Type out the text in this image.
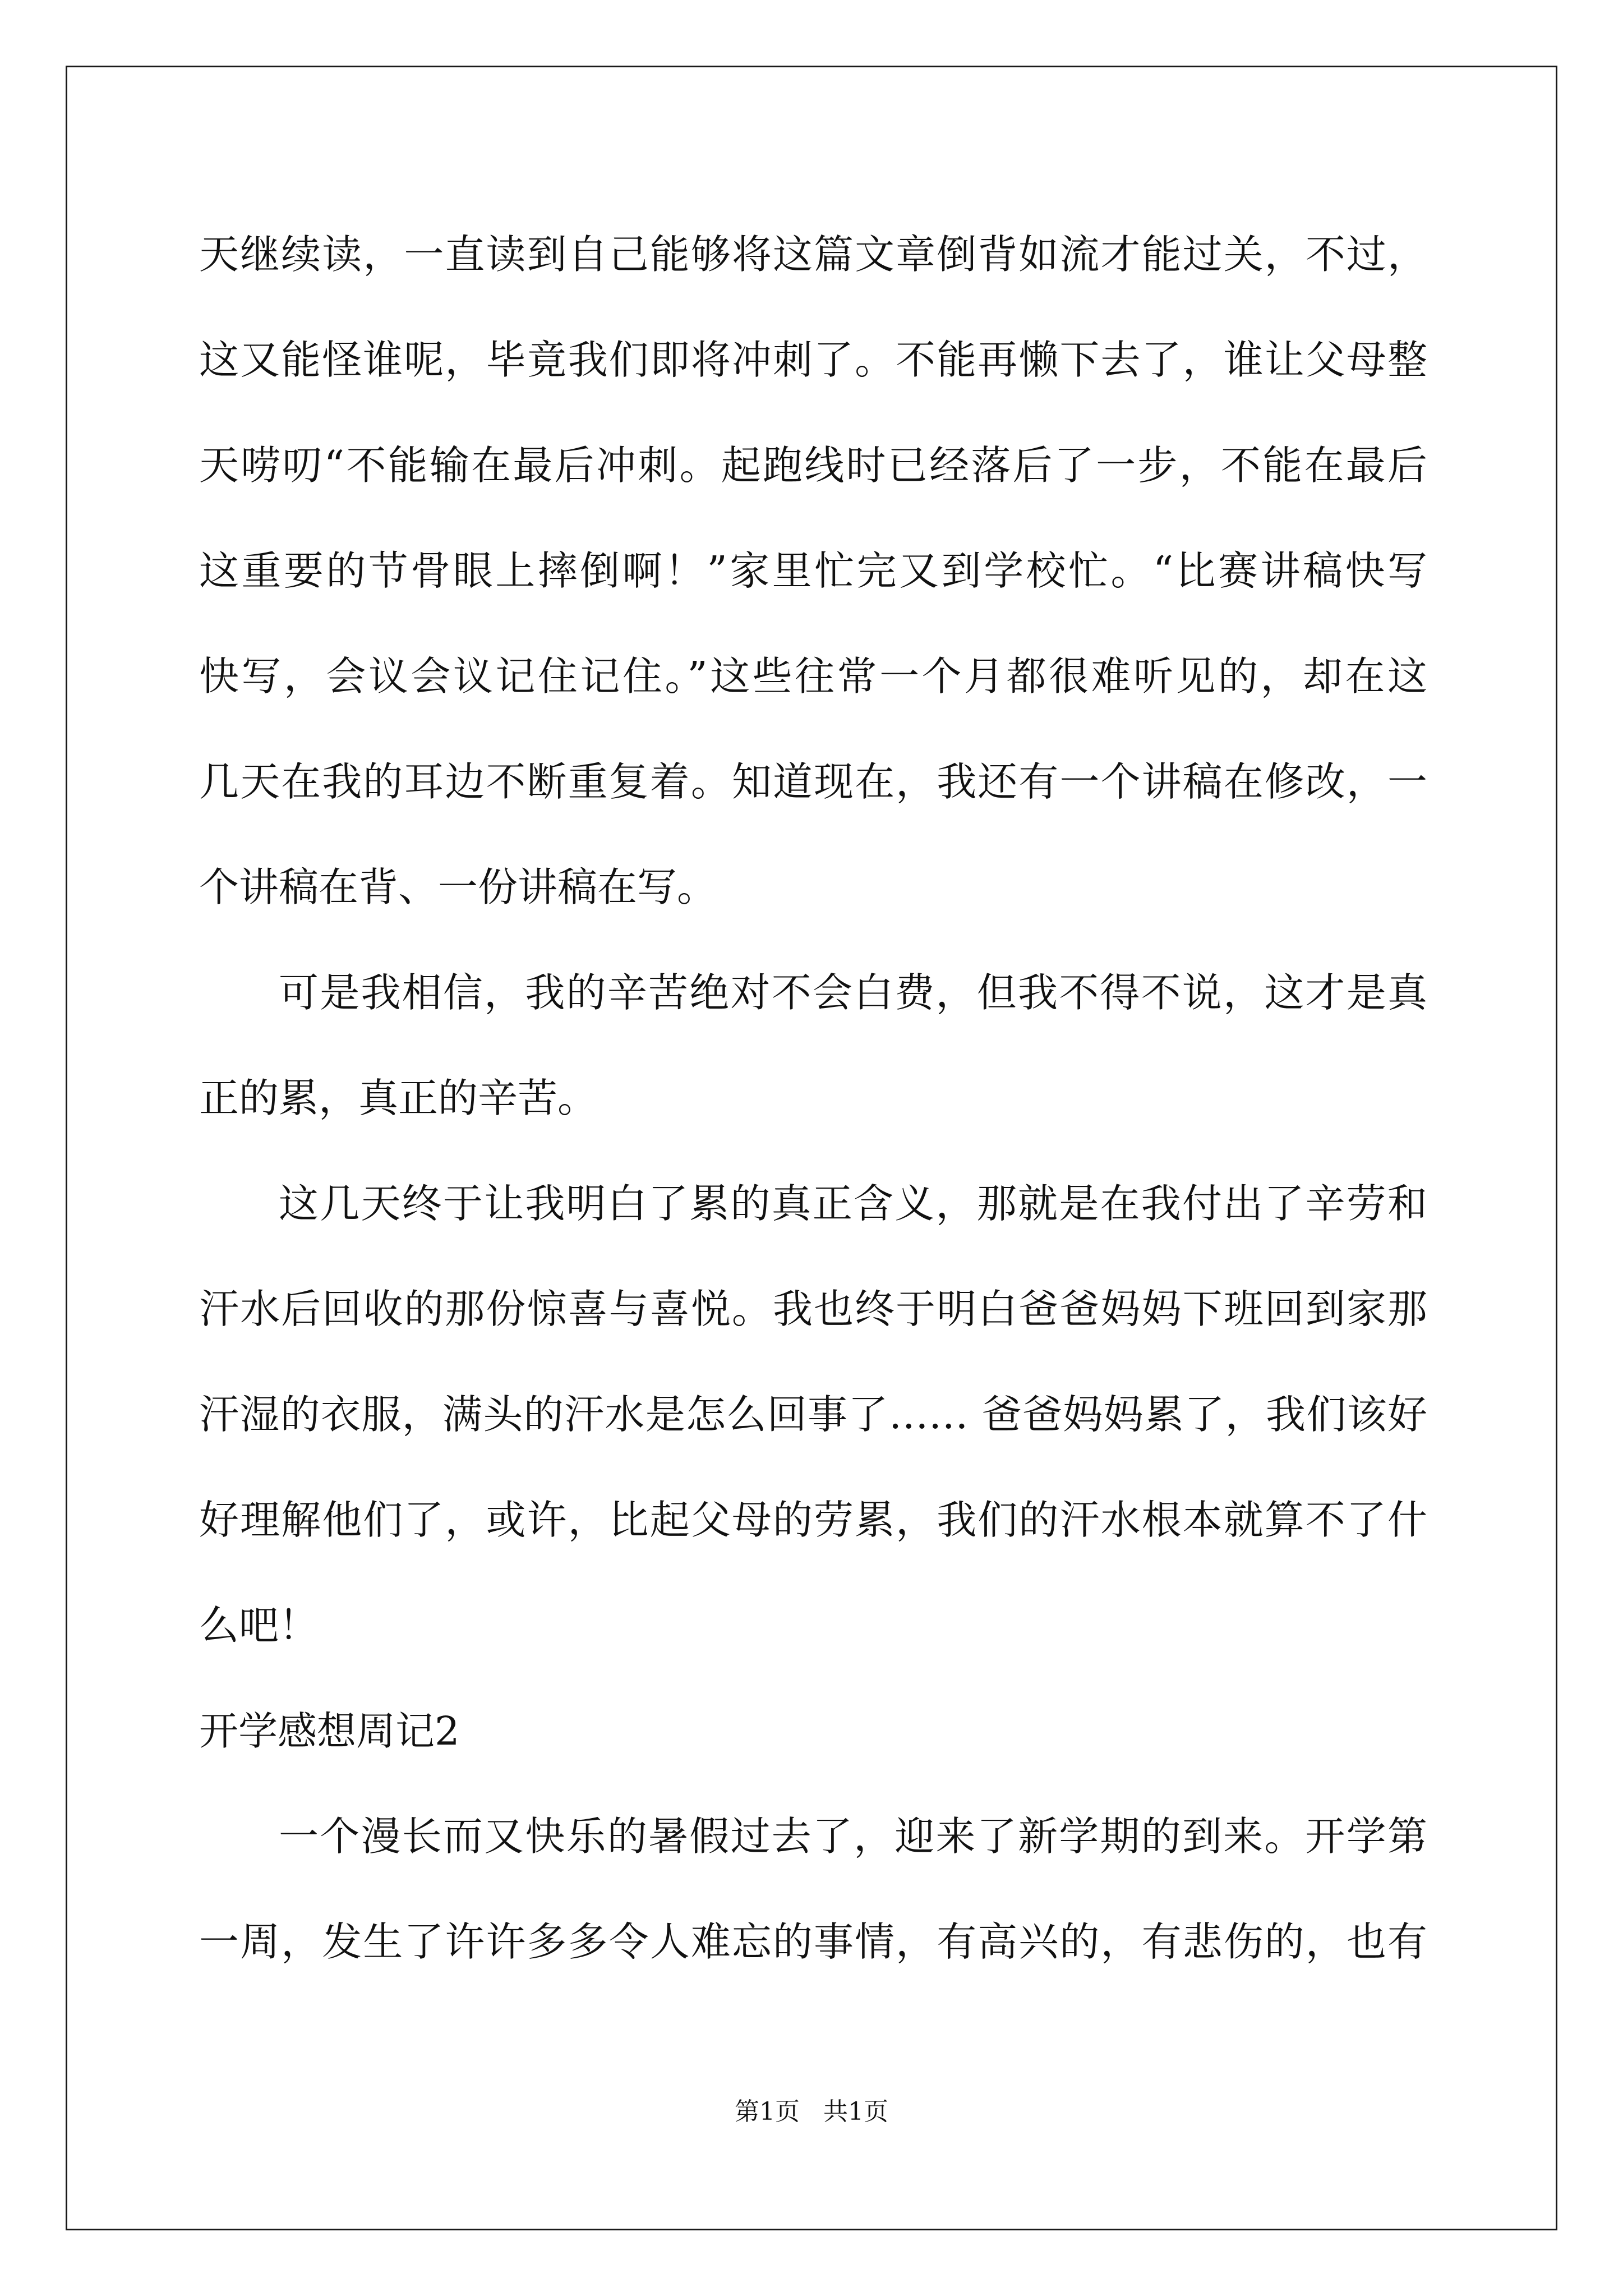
天继续读，一直读到自己能够将这篇文章倒背如流才能过关，不过，
这又能怪谁呢，毕竟我们即将冲刺了。不能再懒下去了，谁让父母整
天唠叨“不能输在最后冲刺。起跑线时已经落后了一步，不能在最后
这重要的节骨眼上摔倒啊！”家里忙完又到学校忙。“比赛讲稿快写
快写，会议会议记住记住。”这些往常一个月都很难听见的，却在这
几天在我的耳边不断重复着。知道现在，我还有一个讲稿在修改，一
个讲稿在背、一份讲稿在写。
可是我相信，我的辛苦绝对不会白费，但我不得不说，这才是真
正的累，真正的辛苦。
这几天终于让我明白了累的真正含义，那就是在我付出了辛劳和
汗水后回收的那份惊喜与喜悦。我也终于明白爸爸妈妈下班回到家那
汗湿的衣服，满头的汗水是怎么回事了…… 爸爸妈妈累了，我们该好
好理解他们了，或许，比起父母的劳累，我们的汗水根本就算不了什
么吧！
开学感想周记2
一个漫长而又快乐的暑假过去了，迎来了新学期的到来。开学第
一周，发生了许许多多令人难忘的事情，有高兴的，有悲伤的，也有
第1页 共1页
